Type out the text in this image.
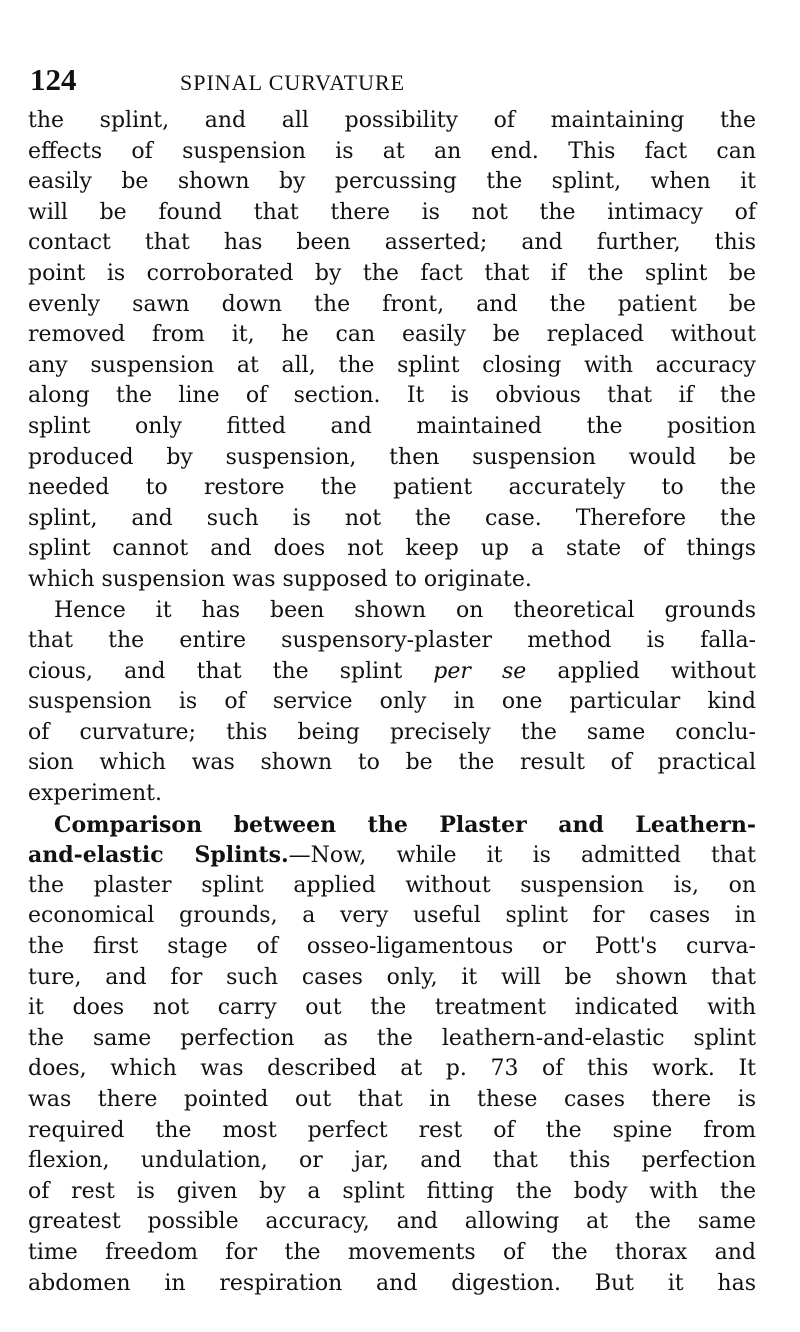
124	SPINAL CURVATURE
the splint, and all possibility of maintaining the
effects of suspension is at an end. This fact can
easily be shown by percussing the splint, when it
will be found that there is not the intimacy of
contact that has been asserted; and further, this
point is corroborated by the fact that if the splint be
evenly sawn down the front, and the patient be
removed from it, he can easily be replaced without
any suspension at all, the splint closing with accuracy
along the line of section. It is obvious that if the
splint only fitted and maintained the position
produced by suspension, then suspension would be
needed to restore the patient accurately to the
splint, and such is not the case. Therefore the
splint cannot and does not keep up a state of things
which suspension was supposed to originate.
Hence it has been shown on theoretical grounds
that the entire suspensory-plaster method is falla-
cious, and that the splint per se applied without
suspension is of service only in one particular kind
of curvature; this being precisely the same conclu-
sion which was shown to be the result of practical
experiment.
Comparison between the Plaster and Leathern-
and-elastic Splints.—Now, while it is admitted that
the plaster splint applied without suspension is, on
economical grounds, a very useful splint for cases in
the first stage of osseo-ligamentous or Pott's curva-
ture, and for such cases only, it will be shown that
it does not carry out the treatment indicated with
the same perfection as the leathern-and-elastic splint
does, which was described at p. 73 of this work. It
was there pointed out that in these cases there is
required the most perfect rest of the spine from
flexion, undulation, or jar, and that this perfection
of rest is given by a splint fitting the body with the
greatest possible accuracy, and allowing at the same
time freedom for the movements of the thorax and
abdomen in respiration and digestion. But it has
